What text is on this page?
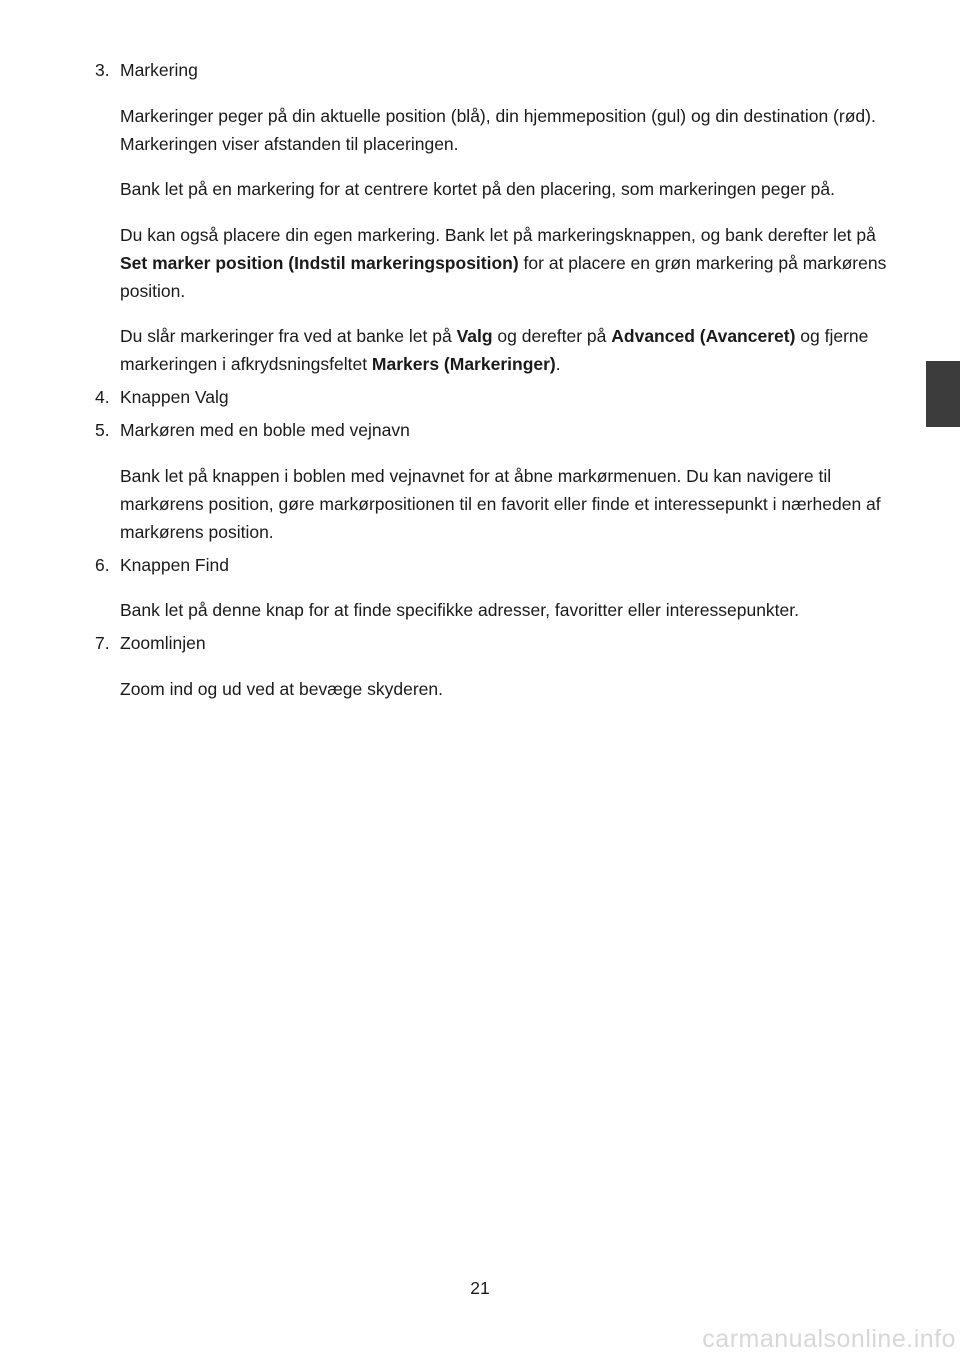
3. Markering

Markeringer peger på din aktuelle position (blå), din hjemmeposition (gul) og din destination (rød). Markeringen viser afstanden til placeringen.

Bank let på en markering for at centrere kortet på den placering, som markeringen peger på.

Du kan også placere din egen markering. Bank let på markeringsknappen, og bank derefter let på Set marker position (Indstil markeringsposition) for at placere en grøn markering på markørens position.

Du slår markeringer fra ved at banke let på Valg og derefter på Advanced (Avanceret) og fjerne markeringen i afkrydsningsfeltet Markers (Markeringer).

4. Knappen Valg
5. Markøren med en boble med vejnavn

Bank let på knappen i boblen med vejnavnet for at åbne markørmenuen. Du kan navigere til markørens position, gøre markørpositionen til en favorit eller finde et interessepunkt i nærheden af markørens position.

6. Knappen Find

Bank let på denne knap for at finde specifikke adresser, favoritter eller interessepunkter.

7. Zoomlinjen

Zoom ind og ud ved at bevæge skyderen.

21
carmanualsonline.info
